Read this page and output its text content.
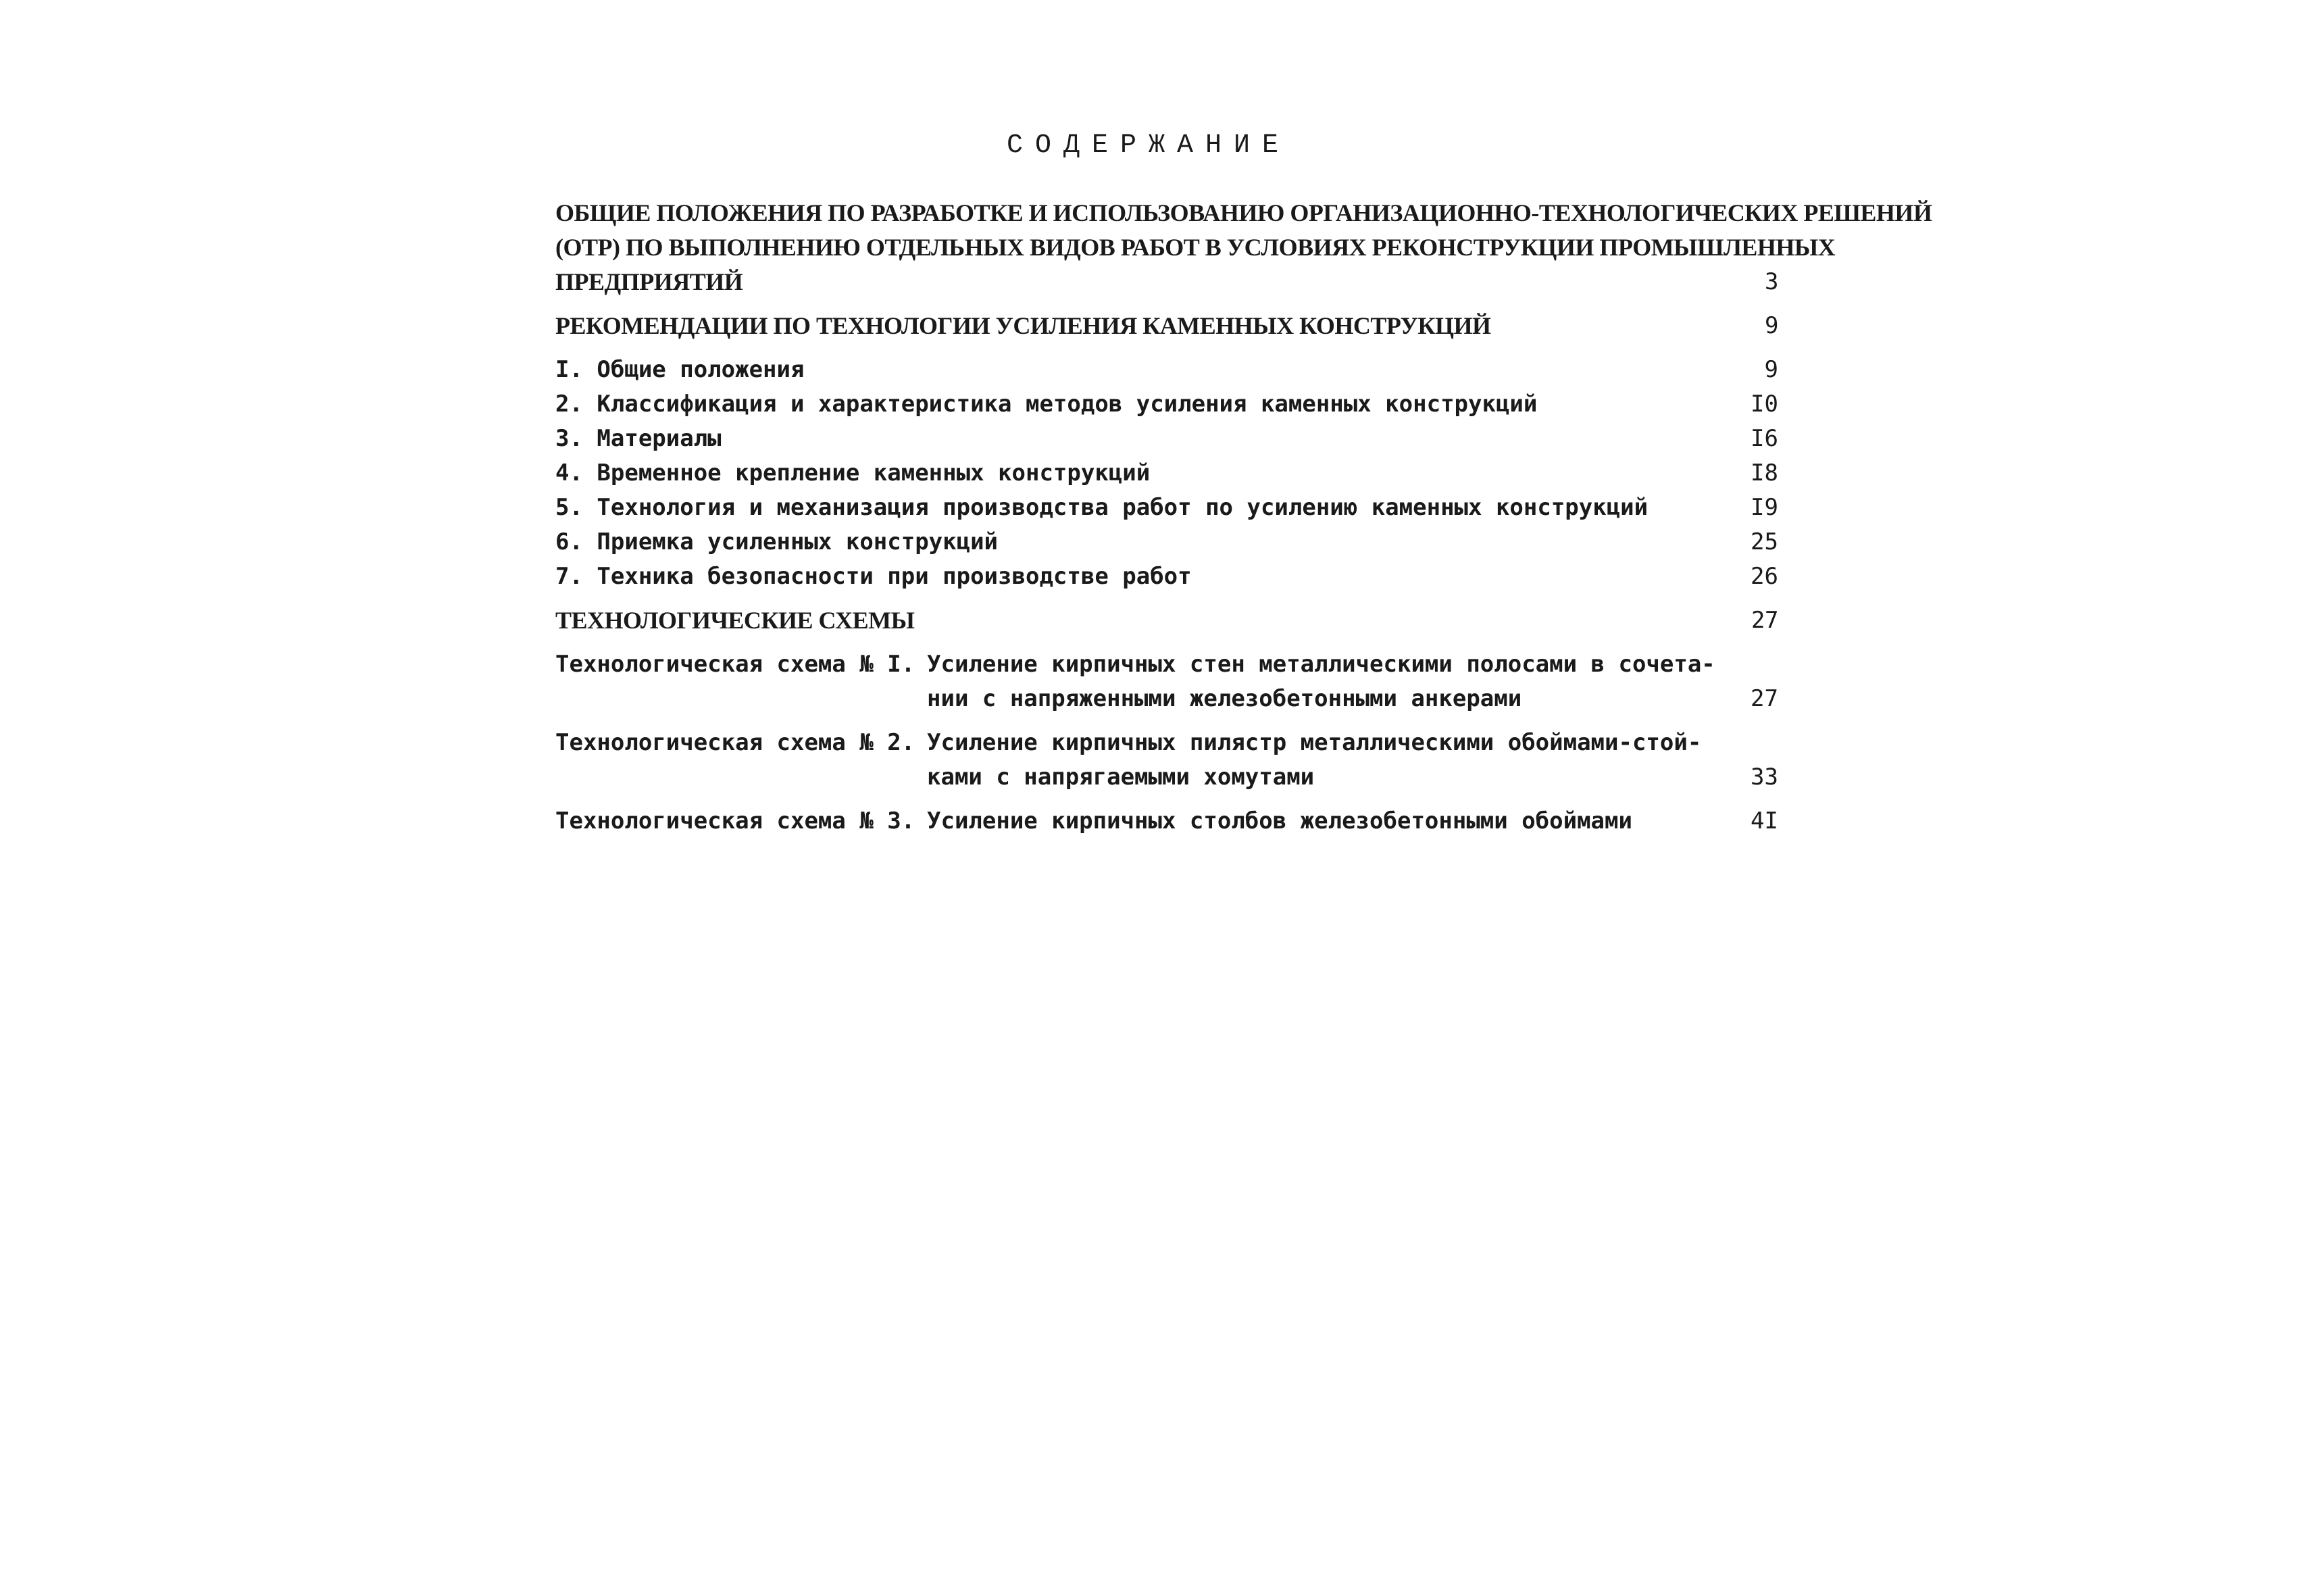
СОДЕРЖАНИЕ
ОБЩИЕ ПОЛОЖЕНИЯ ПО РАЗРАБОТКЕ И ИСПОЛЬЗОВАНИЮ ОРГАНИЗАЦИОННО-ТЕХНОЛОГИЧЕСКИХ РЕШЕНИЙ
(ОТР) ПО ВЫПОЛНЕНИЮ ОТДЕЛЬНЫХ ВИДОВ РАБОТ В УСЛОВИЯХ РЕКОНСТРУКЦИИ ПРОМЫШЛЕННЫХ
ПРЕДПРИЯТИЙ .....	3
РЕКОМЕНДАЦИИ ПО ТЕХНОЛОГИИ УСИЛЕНИЯ КАМЕННЫХ КОНСТРУКЦИЙ .....	9
I. Общие положения .....	9
2. Классификация и характеристика методов усиления каменных конструкций .....	I0
3. Материалы .....	I6
4. Временное крепление каменных конструкций .....	I8
5. Технология и механизация производства работ по усилению каменных конструкций .....	I9
6. Приемка усиленных конструкций .....	25
7. Техника безопасности при производстве работ .....	26
ТЕХНОЛОГИЧЕСКИЕ СХЕМЫ .....	27
Технологическая схема № I. Усиление кирпичных стен металлическими полосами в сочета-
нии с напряженными железобетонными анкерами .....	27
Технологическая схема № 2. Усиление кирпичных пилястр металлическими обоймами-стой-
ками с напрягаемыми хомутами .....	33
Технологическая схема № 3. Усиление кирпичных столбов железобетонными обоймами .....	4I
